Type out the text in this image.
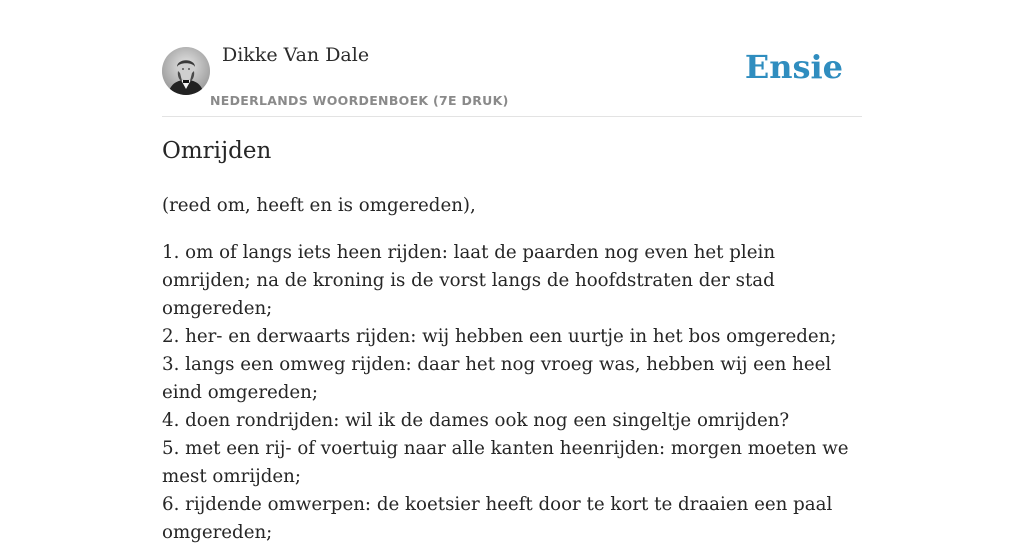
Dikke Van Dale
NEDERLANDS WOORDENBOEK (7E DRUK)
Ensie
Omrijden

(reed om, heeft en is omgereden),

1. om of langs iets heen rijden: laat de paarden nog even het plein omrijden; na de kroning is de vorst langs de hoofdstraten der stad omgereden;
2. her- en derwaarts rijden: wij hebben een uurtje in het bos omgereden;
3. langs een omweg rijden: daar het nog vroeg was, hebben wij een heel eind omgereden;
4. doen rondrijden: wil ik de dames ook nog een singeltje omrijden?
5. met een rij- of voertuig naar alle kanten heenrijden: morgen moeten we mest omrijden;
6. rijdende omwerpen: de koetsier heeft door te kort te draaien een paal omgereden;
